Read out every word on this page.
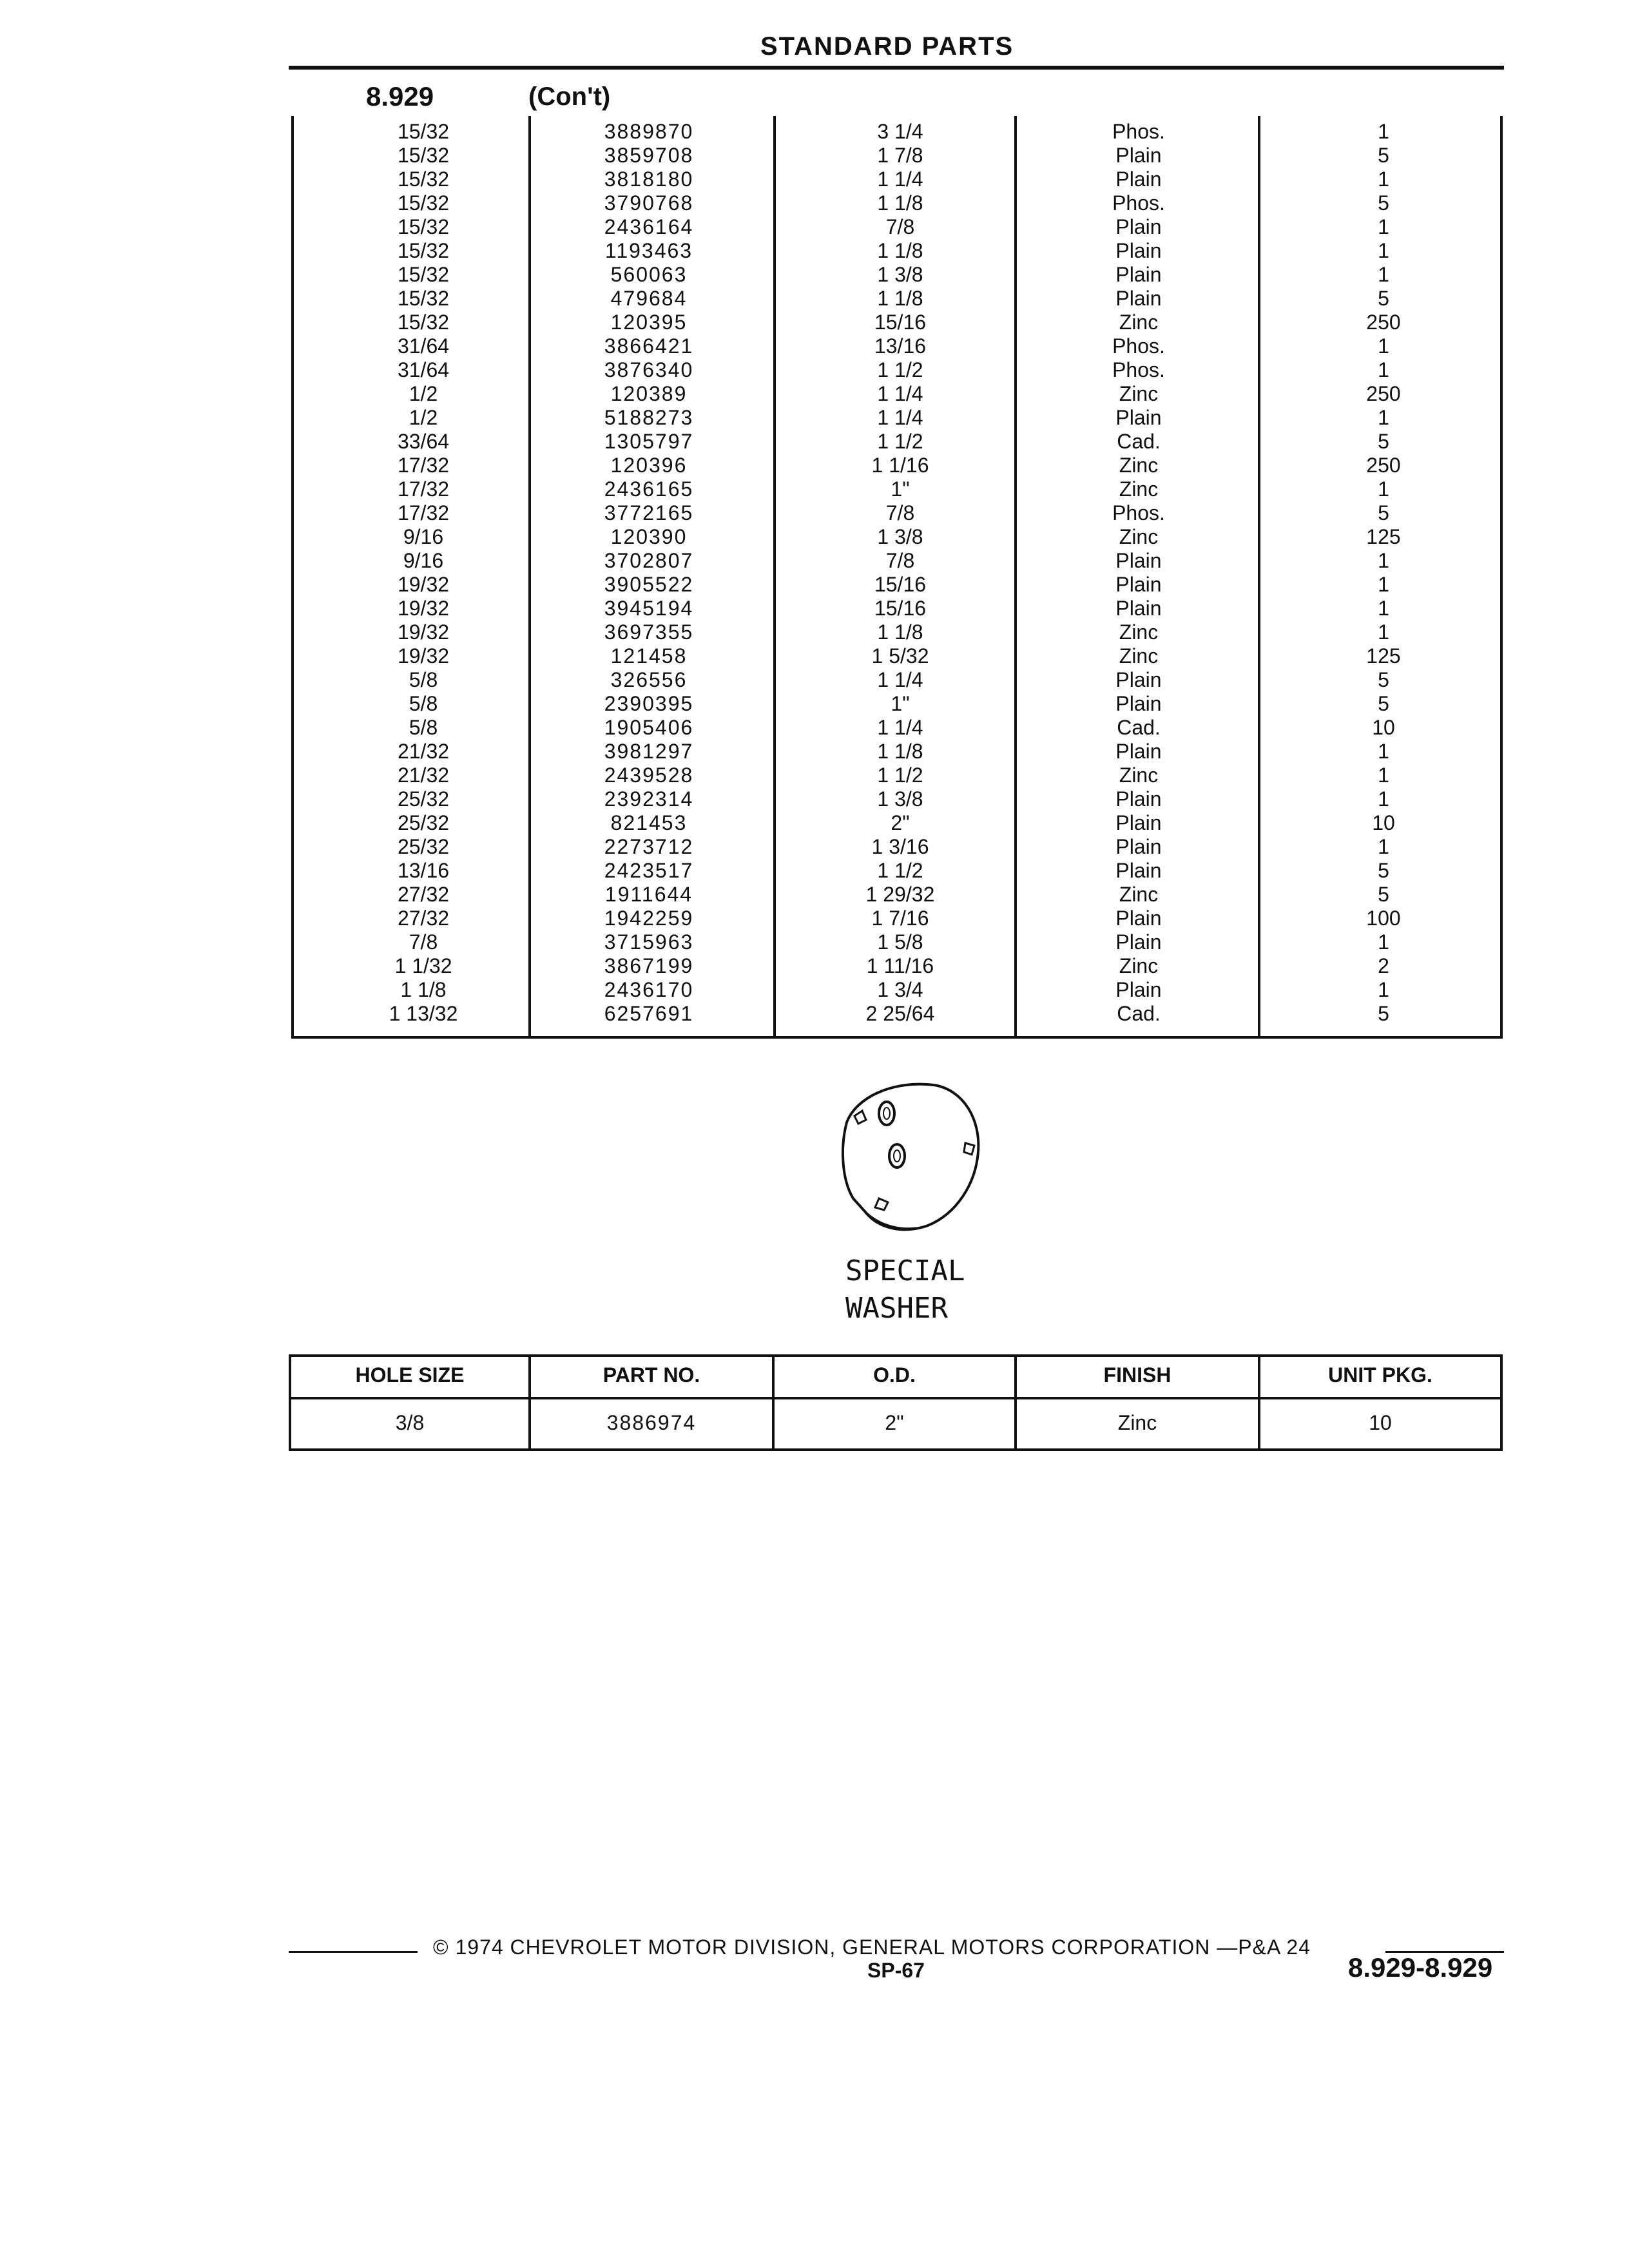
STANDARD PARTS
8.929	(Con't)
15/32	3889870	3 1/4	Phos.	1
15/32	3859708	1 7/8	Plain	5
15/32	3818180	1 1/4	Plain	1
15/32	3790768	1 1/8	Phos.	5
15/32	2436164	7/8	Plain	1
15/32	1193463	1 1/8	Plain	1
15/32	560063	1 3/8	Plain	1
15/32	479684	1 1/8	Plain	5
15/32	120395	15/16	Zinc	250
31/64	3866421	13/16	Phos.	1
31/64	3876340	1 1/2	Phos.	1
1/2	120389	1 1/4	Zinc	250
1/2	5188273	1 1/4	Plain	1
33/64	1305797	1 1/2	Cad.	5
17/32	120396	1 1/16	Zinc	250
17/32	2436165	1"	Zinc	1
17/32	3772165	7/8	Phos.	5
9/16	120390	1 3/8	Zinc	125
9/16	3702807	7/8	Plain	1
19/32	3905522	15/16	Plain	1
19/32	3945194	15/16	Plain	1
19/32	3697355	1 1/8	Zinc	1
19/32	121458	1 5/32	Zinc	125
5/8	326556	1 1/4	Plain	5
5/8	2390395	1"	Plain	5
5/8	1905406	1 1/4	Cad.	10
21/32	3981297	1 1/8	Plain	1
21/32	2439528	1 1/2	Zinc	1
25/32	2392314	1 3/8	Plain	1
25/32	821453	2"	Plain	10
25/32	2273712	1 3/16	Plain	1
13/16	2423517	1 1/2	Plain	5
27/32	1911644	1 29/32	Zinc	5
27/32	1942259	1 7/16	Plain	100
7/8	3715963	1 5/8	Plain	1
1 1/32	3867199	1 11/16	Zinc	2
1 1/8	2436170	1 3/4	Plain	1
1 13/32	6257691	2 25/64	Cad.	5
SPECIAL
WASHER
HOLE SIZE	PART NO.	O.D.	FINISH	UNIT PKG.
3/8	3886974	2"	Zinc	10
© 1974 CHEVROLET MOTOR DIVISION, GENERAL MOTORS CORPORATION —P&A 24
SP-67	8.929-8.929
